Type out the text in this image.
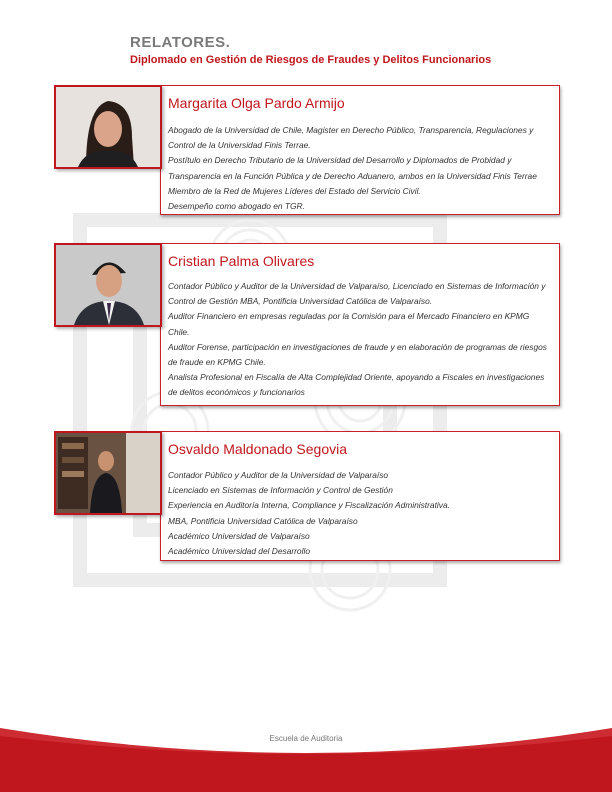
RELATORES.
Diplomado en Gestión de Riesgos de Fraudes y Delitos Funcionarios
Margarita Olga Pardo Armijo

Abogado de la Universidad de Chile, Magister en Derecho Público, Transparencia, Regulaciones y Control de la Universidad Finis Terrae.

Postítulo en Derecho Tributario de la Universidad del Desarrollo y Diplomados de Probidad y Transparencia en la Función Pública y de Derecho Aduanero, ambos en la Universidad Finis Terrae

Miembro de la Red de Mujeres Líderes del Estado del Servicio Civil.

Desempeño como abogado en TGR.

Cristian Palma Olivares

Contador Público y Auditor de la Universidad de Valparaíso, Licenciado en Sistemas de Información y Control de Gestión MBA, Pontificia Universidad Católica de Valparaíso.

Auditor Financiero en empresas reguladas por la Comisión para el Mercado Financiero en KPMG Chile.

Auditor Forense, participación en investigaciones de fraude y en elaboración de programas de riesgos de fraude en KPMG Chile.

Analista Profesional en Fiscalía de Alta Complejidad Oriente, apoyando a Fiscales en investigaciones de delitos económicos y funcionarios

Osvaldo Maldonado Segovia

Contador Público y Auditor de la Universidad de Valparaíso

Licenciado en Sistemas de Información y Control de Gestión

Experiencia en Auditoría Interna, Compliance y Fiscalización Administrativa.

MBA, Pontificia Universidad Católica de Valparaíso

Académico Universidad de Valparaíso

Académico Universidad del Desarrollo

Escuela de Auditoria
